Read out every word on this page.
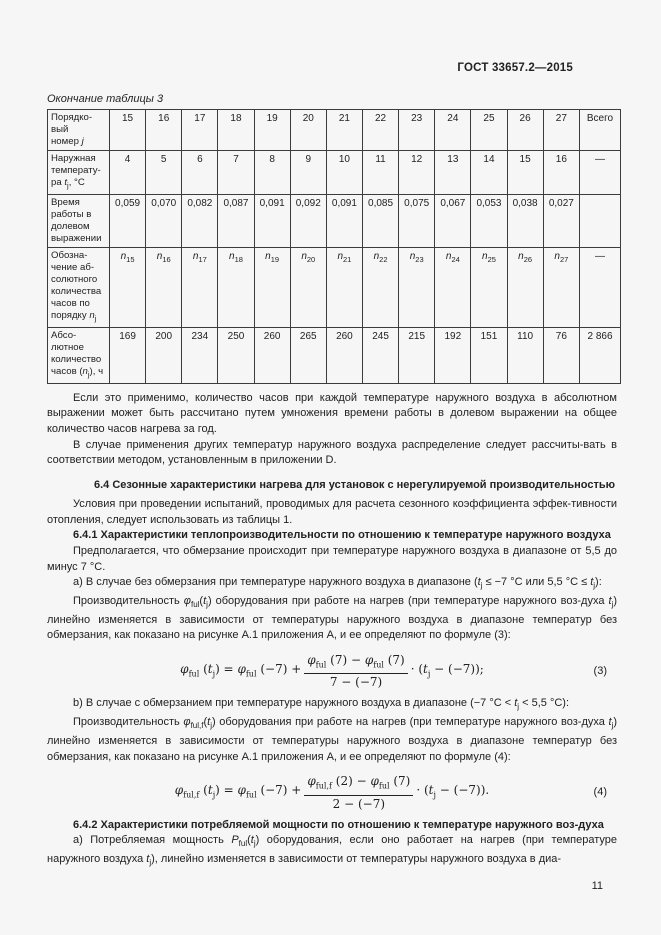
ГОСТ 33657.2—2015
Окончание таблицы 3
Порядко-
вый
номер j	15	16	17	18	19	20	21	22	23	24	25	26	27	Всего
Наружная
температу-
ра $t_j$, °С	4	5	6	7	8	9	10	11	12	13	14	15	16	—
Время
работы в
долевом
выражении	0,059	0,070	0,082	0,087	0,091	0,092	0,091	0,085	0,075	0,067	0,053	0,038	0,027	
Обозна-
чение аб-
солютного
количества
часов по
порядку $n_j$	$n_{15}$	$n_{16}$	$n_{17}$	$n_{18}$	$n_{19}$	$n_{20}$	$n_{21}$	$n_{22}$	$n_{23}$	$n_{24}$	$n_{25}$	$n_{26}$	$n_{27}$	—
Абсо-
лютное
количество
часов $(n_j)$, ч	169	200	234	250	260	265	260	245	215	192	151	110	76	2 866

Если это применимо, количество часов при каждой температуре наружного воздуха в абсолютном выражении может быть рассчитано путем умножения времени работы в долевом выражении на общее количество часов нагрева за год.

В случае применения других температур наружного воздуха распределение следует рассчиты-вать в соответствии методом, установленным в приложении D.

6.4 Сезонные характеристики нагрева для установок с нерегулируемой производительностью

Условия при проведении испытаний, проводимых для расчета сезонного коэффициента эффек-тивности отопления, следует использовать из таблицы 1.

6.4.1 Характеристики теплопроизводительности по отношению к температуре наружного воздуха

Предполагается, что обмерзание происходит при температуре наружного воздуха в диапазоне от 5,5 до минус 7 °С.

а) В случае без обмерзания при температуре наружного воздуха в диапазоне ($t_j \le -7$ °С или 5,5 $^\circ С \le t_j$):

Производительность $\varphi_{ful}(t_j)$ оборудования при работе на нагрев (при температуре наружного воз-духа $t_j$) линейно изменяется в зависимости от температуры наружного воздуха в диапазоне температур без обмерзания, как показано на рисунке А.1 приложения А, и ее определяют по формуле (3):

$\varphi_{ful}$ $(t_j) = \varphi_{ful}$ $(-7) + \frac{\varphi_{ful} (7) - \varphi_{ful} (7)}{7 - (-7)} \cdot (t_j - (-7))$;	(3)

b) В случае с обмерзанием при температуре наружного воздуха в диапазоне (−7 $^\circ С < t_j < 5,5$ °С):

Производительность $\varphi_{ful,f}(t_j)$ оборудования при работе на нагрев (при температуре наружного воз-духа $t_j$) линейно изменяется в зависимости от температуры наружного воздуха в диапазоне температур без обмерзания, как показано на рисунке А.1 приложения А, и ее определяют по формуле (4):

$\varphi_{ful,f}$ $(t_j) = \varphi_{ful}$ $(-7) + \frac{\varphi_{ful,f} (2) - \varphi_{ful} (7)}{2 - (-7)} \cdot (t_j - (-7))$.	(4)

6.4.2 Характеристики потребляемой мощности по отношению к температуре наружного воз-духа

а) Потребляемая мощность $P_{ful}(t_j)$ оборудования, если оно работает на нагрев (при температуре наружного воздуха $t_j$), линейно изменяется в зависимости от температуры наружного воздуха в диа-

11
